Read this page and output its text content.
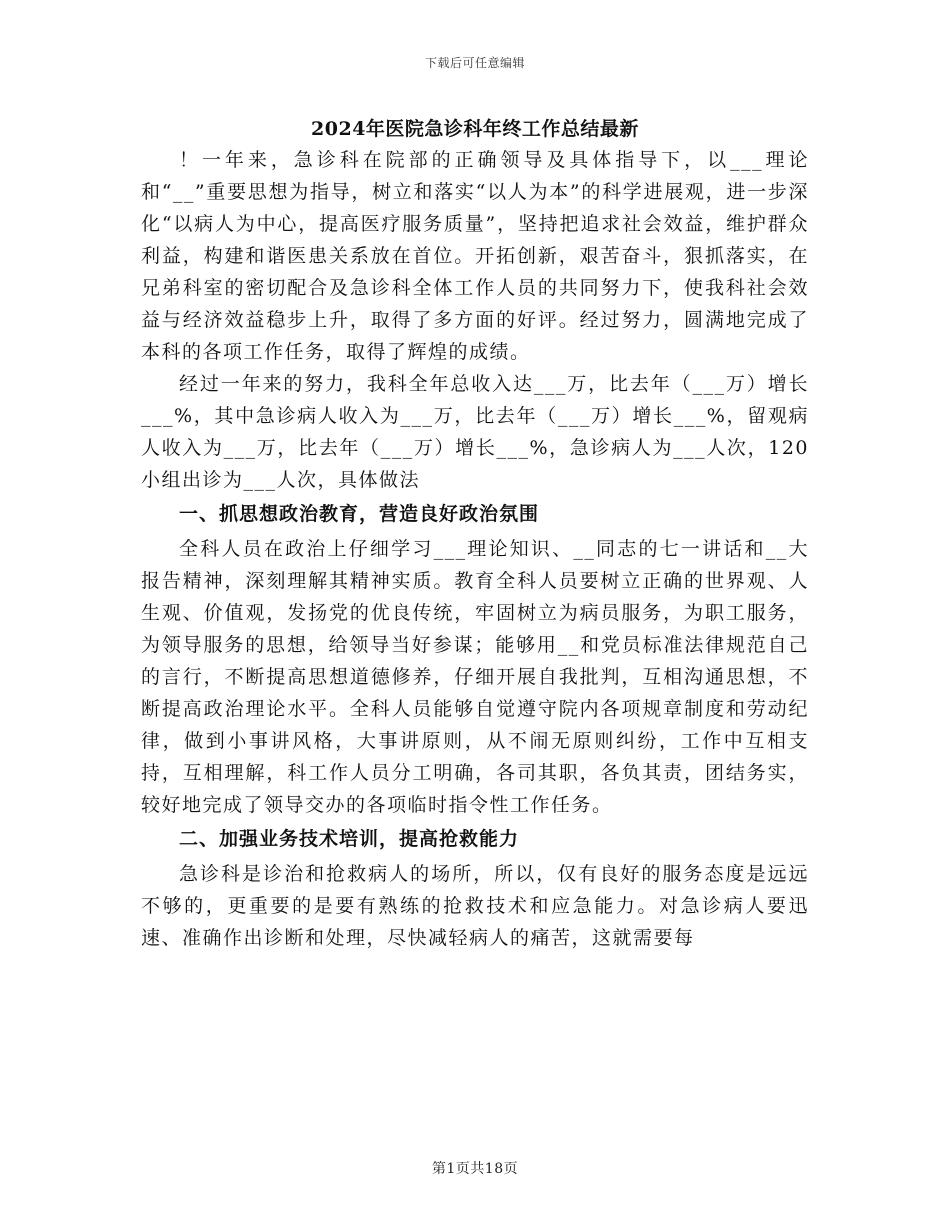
下载后可任意编辑
2024年医院急诊科年终工作总结最新

！一年来，急诊科在院部的正确领导及具体指导下，以___理论和“__”重要思想为指导，树立和落实“以人为本”的科学进展观，进一步深化“以病人为中心，提高医疗服务质量”，坚持把追求社会效益，维护群众利益，构建和谐医患关系放在首位。开拓创新，艰苦奋斗，狠抓落实，在兄弟科室的密切配合及急诊科全体工作人员的共同努力下，使我科社会效益与经济效益稳步上升，取得了多方面的好评。经过努力，圆满地完成了本科的各项工作任务，取得了辉煌的成绩。

经过一年来的努力，我科全年总收入达___万，比去年（___万）增长___%，其中急诊病人收入为___万，比去年（___万）增长___%，留观病人收入为___万，比去年（___万）增长___%，急诊病人为___人次，120小组出诊为___人次，具体做法

一、抓思想政治教育，营造良好政治氛围

全科人员在政治上仔细学习___理论知识、__同志的七一讲话和__大报告精神，深刻理解其精神实质。教育全科人员要树立正确的世界观、人生观、价值观，发扬党的优良传统，牢固树立为病员服务，为职工服务，为领导服务的思想，给领导当好参谋；能够用__和党员标准法律规范自己的言行，不断提高思想道德修养，仔细开展自我批判，互相沟通思想，不断提高政治理论水平。全科人员能够自觉遵守院内各项规章制度和劳动纪律，做到小事讲风格，大事讲原则，从不闹无原则纠纷，工作中互相支持，互相理解，科工作人员分工明确，各司其职，各负其责，团结务实，较好地完成了领导交办的各项临时指令性工作任务。

二、加强业务技术培训，提高抢救能力

急诊科是诊治和抢救病人的场所，所以，仅有良好的服务态度是远远不够的，更重要的是要有熟练的抢救技术和应急能力。对急诊病人要迅速、准确作出诊断和处理，尽快减轻病人的痛苦，这就需要每

第1页共18页
